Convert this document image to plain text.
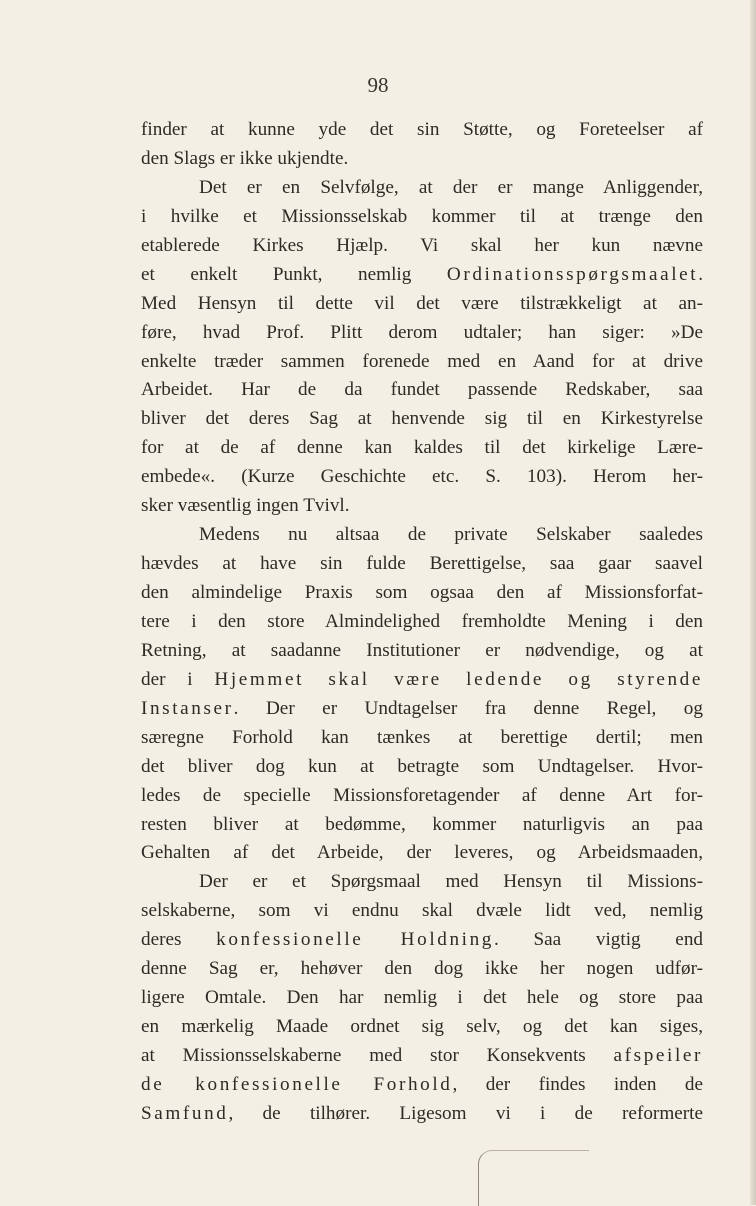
98
finder at kunne yde det sin Støtte, og Foreteelser af
den Slags er ikke ukjendte.
Det er en Selvfølge, at der er mange Anliggender,
i hvilke et Missionsselskab kommer til at trænge den
etablerede Kirkes Hjælp. Vi skal her kun nævne
et enkelt Punkt, nemlig Ordinationsspørgsmaalet.
Med Hensyn til dette vil det være tilstrækkeligt at an-
føre, hvad Prof. Plitt derom udtaler; han siger: »De
enkelte træder sammen forenede med en Aand for at drive
Arbeidet. Har de da fundet passende Redskaber, saa
bliver det deres Sag at henvende sig til en Kirkestyrelse
for at de af denne kan kaldes til det kirkelige Lære-
embede«. (Kurze Geschichte etc. S. 103). Herom her-
sker væsentlig ingen Tvivl.
Medens nu altsaa de private Selskaber saaledes
hævdes at have sin fulde Berettigelse, saa gaar saavel
den almindelige Praxis som ogsaa den af Missionsforfat-
tere i den store Almindelighed fremholdte Mening i den
Retning, at saadanne Institutioner er nødvendige, og at
der i Hjemmet skal være ledende og styrende
Instanser. Der er Undtagelser fra denne Regel, og
særegne Forhold kan tænkes at berettige dertil; men
det bliver dog kun at betragte som Undtagelser. Hvor-
ledes de specielle Missionsforetagender af denne Art for-
resten bliver at bedømme, kommer naturligvis an paa
Gehalten af det Arbeide, der leveres, og Arbeidsmaaden,
Der er et Spørgsmaal med Hensyn til Missions-
selskaberne, som vi endnu skal dvæle lidt ved, nemlig
deres konfessionelle Holdning. Saa vigtig end
denne Sag er, hehøver den dog ikke her nogen udfør-
ligere Omtale. Den har nemlig i det hele og store paa
en mærkelig Maade ordnet sig selv, og det kan siges,
at Missionsselskaberne med stor Konsekvents afspeiler
de konfessionelle Forhold, der findes inden de
Samfund, de tilhører. Ligesom vi i de reformerte
